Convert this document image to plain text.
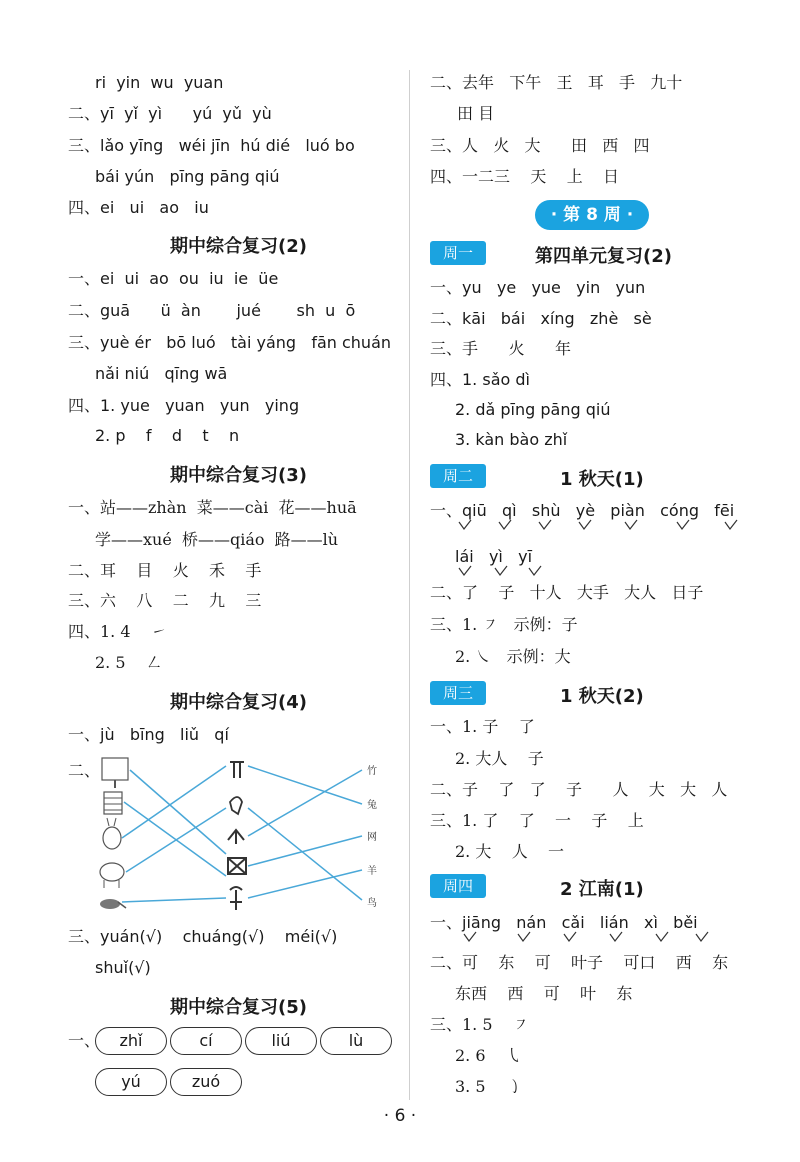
ri  yin  wu  yuan
二、yī  yǐ  yì      yú  yǔ  yù
三、lǎo yīng   wéi jīn  hú dié   luó bo
bái yún   pīng pāng qiú
四、ei   ui   ao   iu
期中综合复习(2)
一、ei  ui  ao  ou  iu  ie  üe
二、guā      ü  àn       jué       sh  u  ō
三、yuè ér   bō luó   tài yáng   fān chuán
nǎi niú   qīng wā
四、1. yue   yuan   yun   ying
2. p    f    d    t    n
期中综合复习(3)
一、站——zhàn  菜——cài  花——huā
学——xué  桥——qiáo  路——lù
二、耳    目    火    禾    手
三、六    八    二    九    三
四、1. 4    ㇀
2. 5    ㇜
期中综合复习(4)
一、jù   bīng   liǔ   qí
二、	竹
兔
网
羊
鸟
三、yuán(√)    chuáng(√)    méi(√)
shuǐ(√)
期中综合复习(5)
一、	zhǐ	cí	liú	lù
yú	zuó
二、去年   下午   王   耳   手   九十
田 目
三、人   火   大      田   西   四
四、一二三    天    上    日
· 第 8 周 ·
周一	第四单元复习(2)
一、yu   ye   yue   yin   yun
二、kāi   bái   xíng   zhè   sè
三、手      火      年
四、1. sǎo dì
2. dǎ pīng pāng qiú
3. kàn bào zhǐ
周二	1 秋天(1)
一、qiū   qì   shù   yè   piàn   cóng   fēi
lái   yì   yī
二、了    子   十人   大手   大人   日子
三、1. ㇇   示例：子
2. ㇏   示例：大
周三	1 秋天(2)
一、1. 子    了
2. 大人    子
二、子    了   了    子      人    大   大   人
三、1. 了    了    一    子    上
2. 大    人    一
周四	2 江南(1)
一、jiāng   nán   cǎi   lián   xì   běi
二、可    东    可    叶子    可口    西    东
东西    西    可    叶    东
三、1. 5    ㇇
2. 6    ㇂
3. 5    ㇁
· 6 ·
